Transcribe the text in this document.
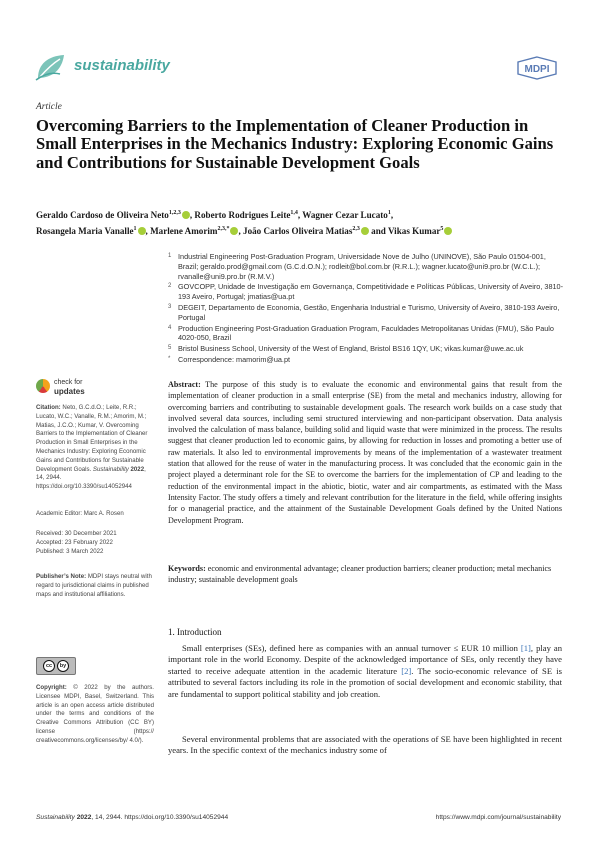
sustainability	MDPI
Article
Overcoming Barriers to the Implementation of Cleaner Production in Small Enterprises in the Mechanics Industry: Exploring Economic Gains and Contributions for Sustainable Development Goals
Geraldo Cardoso de Oliveira Neto$^{1,2,3}$ , Roberto Rodrigues Leite$^{1,4}$, Wagner Cezar Lucato$^1$,
Rosangela Maria Vanalle$^1$ , Marlene Amorim$^{2,3,*}$ , João Carlos Oliveira Matias$^{2,3}$ and Vikas Kumar$^5$
1 Industrial Engineering Post-Graduation Program, Universidade Nove de Julho (UNINOVE), São Paulo 01504-001, Brazil; geraldo.prod@gmail.com (G.C.d.O.N.); rodleit@bol.com.br (R.R.L.); wagner.lucato@uni9.pro.br (W.C.L.); rvanalle@uni9.pro.br (R.M.V.)
2 GOVCOPP, Unidade de Investigação em Governança, Competitividade e Políticas Públicas, University of Aveiro, 3810-193 Aveiro, Portugal; jmatias@ua.pt
3 DEGEIT, Departamento de Economia, Gestão, Engenharia Industrial e Turismo, University of Aveiro, 3810-193 Aveiro, Portugal
4 Production Engineering Post-Graduation Graduation Program, Faculdades Metropolitanas Unidas (FMU), São Paulo 4020-050, Brazil
5 Bristol Business School, University of the West of England, Bristol BS16 1QY, UK; vikas.kumar@uwe.ac.uk
*	Correspondence: mamorim@ua.pt
check for
updates
Citation: Neto, G.C.d.O.; Leite, R.R.; Lucato, W.C.; Vanalle, R.M.; Amorim, M.; Matias, J.C.O.; Kumar, V. Overcoming Barriers to the Implementation of Cleaner Production in Small Enterprises in the Mechanics Industry: Exploring Economic Gains and Contributions for Sustainable Development Goals. Sustainability 2022, 14, 2944. https://doi.org/10.3390/su14052944
Academic Editor: Marc A. Rosen
Received: 30 December 2021
Accepted: 23 February 2022
Published: 3 March 2022
Publisher’s Note: MDPI stays neutral with regard to jurisdictional claims in published maps and institutional affiliations.
cc	by
Copyright: © 2022 by the authors. Licensee MDPI, Basel, Switzerland. This article is an open access article distributed under the terms and conditions of the Creative Commons Attribution (CC BY) license (https:// creativecommons.org/licenses/by/ 4.0/).
Abstract: The purpose of this study is to evaluate the economic and environmental gains that result from the implementation of cleaner production in a small enterprise (SE) from the metal and mechanics industry, allowing for overcoming barriers and contributing to sustainable development goals. The research work builds on a case study that involved several data sources, including semi structured interviewing and non-participant observation. Data analysis involved the calculation of mass balance, building solid and liquid waste that were minimized in the process. The results suggest that cleaner production led to economic gains, by allowing for reduction in losses and promoting a better use of raw materials. It also led to environmental improvements by means of the implementation of a wastewater treatment station that allowed for the reuse of water in the manufacturing process. It was concluded that the economic gain in the project played a determinant role for the SE to overcome the barriers for the implementation of CP and leading to the reduction of the environmental impact in the abiotic, biotic, water and air compartments, as estimated with the Mass Intensity Factor. The study offers a timely and relevant contribution for the literature in the field, while offering insights for o managerial practice, and the attainment of the Sustainable Development Goals defined by the United Nations Development Program.
Keywords: economic and environmental advantage; cleaner production barriers; cleaner production; metal mechanics industry; sustainable development goals
1. Introduction
Small enterprises (SEs), defined here as companies with an annual turnover ≤ EUR 10 million [1], play an important role in the world Economy. Despite of the acknowledged importance of SEs, only recently they have started to receive adequate attention in the academic literature [2]. The socio-economic relevance of SE is attributed to several factors including its role in the promotion of social development and economic stability, that are fundamental to support political stability and job creation.
Several environmental problems that are associated with the operations of SE have been highlighted in recent years. In the specific context of the mechanics industry some of
Sustainability 2022, 14, 2944. https://doi.org/10.3390/su14052944	https://www.mdpi.com/journal/sustainability
